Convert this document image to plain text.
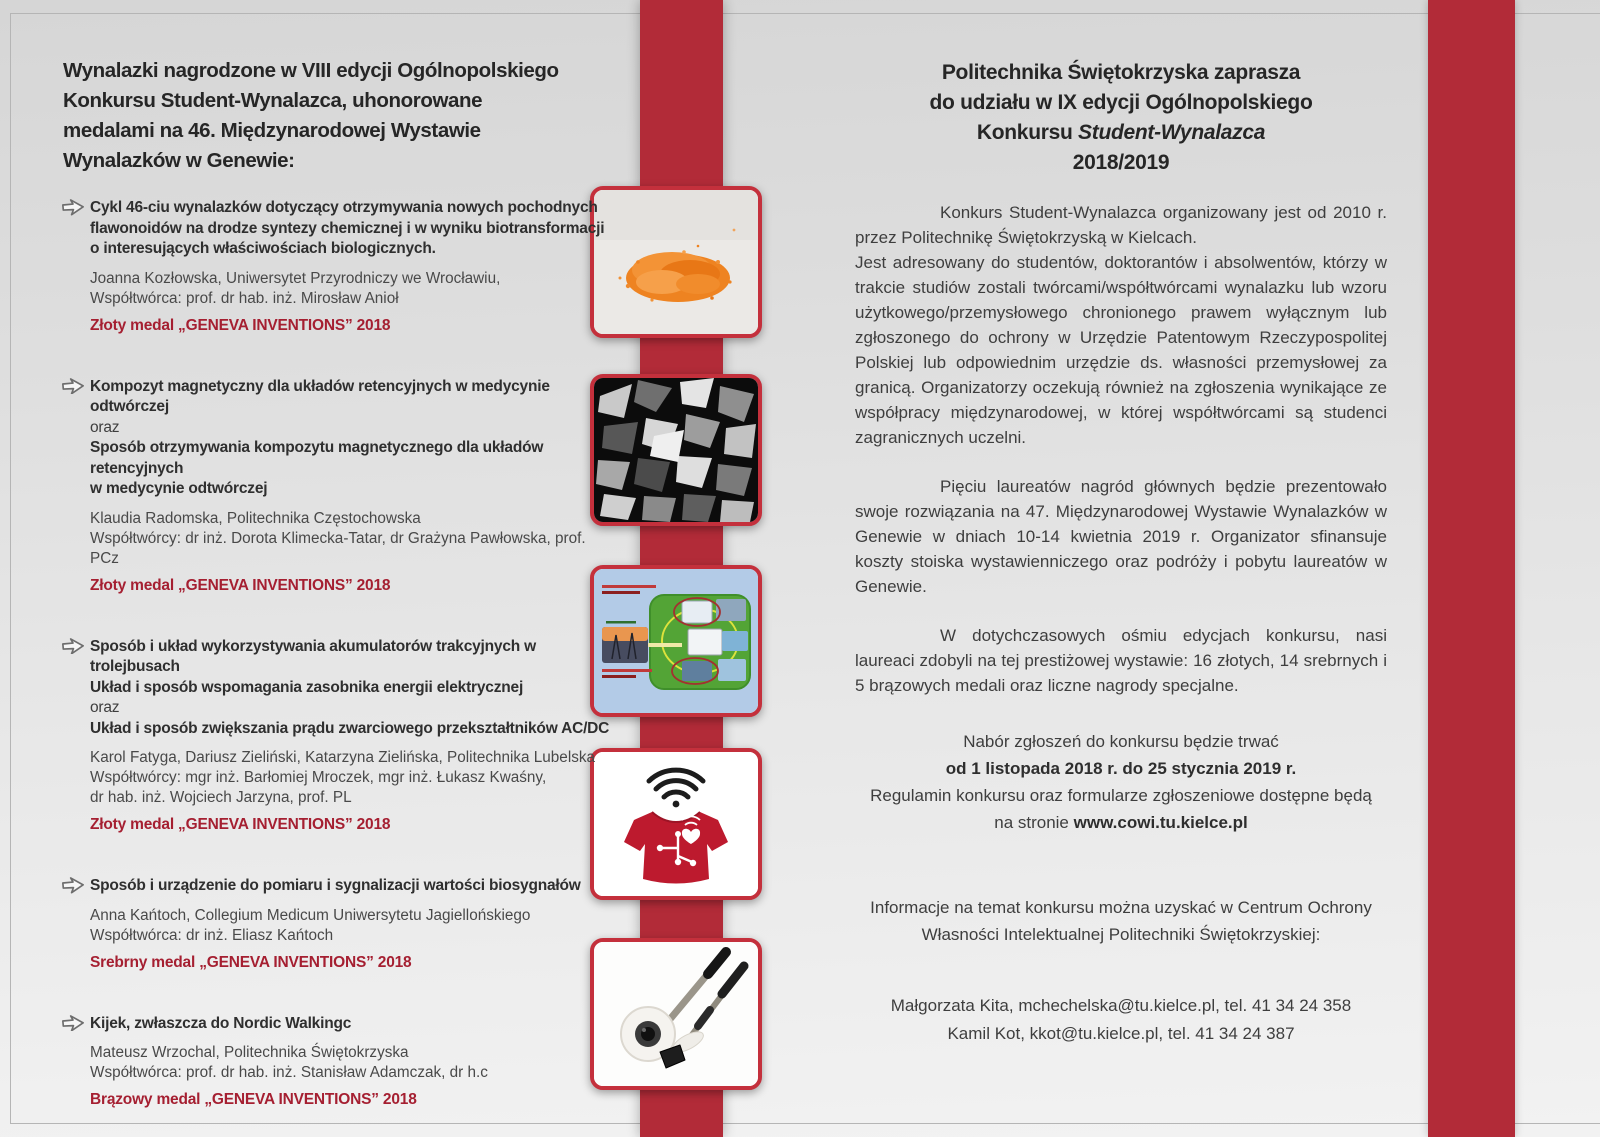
Wynalazki nagrodzone w VIII edycji Ogólnopolskiego
Konkursu Student-Wynalazca, uhonorowane
medalami na 46. Międzynarodowej Wystawie
Wynalazków w Genewie:
Cykl 46-ciu wynalazków dotyczący otrzymywania nowych pochodnych
flawonoidów na drodze syntezy chemicznej i w wyniku biotransformacji
o interesujących właściwościach biologicznych.
Joanna Kozłowska, Uniwersytet Przyrodniczy we Wrocławiu,
Współtwórca: prof. dr hab. inż. Mirosław Anioł
Złoty medal „GENEVA INVENTIONS” 2018
Kompozyt magnetyczny dla układów retencyjnych w medycynie odtwórczej
oraz
Sposób otrzymywania kompozytu magnetycznego dla układów retencyjnych
w medycynie odtwórczej
Klaudia Radomska, Politechnika Częstochowska
Współtwórcy: dr inż. Dorota Klimecka-Tatar, dr Grażyna Pawłowska, prof. PCz
Złoty medal „GENEVA INVENTIONS” 2018
Sposób i układ wykorzystywania akumulatorów trakcyjnych w trolejbusach
Układ i sposób wspomagania zasobnika energii elektrycznej
oraz
Układ i sposób zwiększania prądu zwarciowego przekształtników AC/DC
Karol Fatyga, Dariusz Zieliński, Katarzyna Zielińska, Politechnika Lubelska
Współtwórcy: mgr inż. Barłomiej Mroczek, mgr inż. Łukasz Kwaśny,
dr hab. inż. Wojciech Jarzyna, prof. PL
Złoty medal „GENEVA INVENTIONS” 2018
Sposób i urządzenie do pomiaru i sygnalizacji wartości biosygnałów
Anna Kańtoch, Collegium Medicum Uniwersytetu Jagiellońskiego
Współtwórca: dr inż. Eliasz Kańtoch
Srebrny medal „GENEVA INVENTIONS” 2018
Kijek, zwłaszcza do Nordic Walkingc
Mateusz Wrzochal, Politechnika Świętokrzyska
Współtwórca: prof. dr hab. inż. Stanisław Adamczak, dr h.c
Brązowy medal „GENEVA INVENTIONS” 2018
Politechnika Świętokrzyska zaprasza
do udziału w IX edycji Ogólnopolskiego
Konkursu Student-Wynalazca
2018/2019
Konkurs Student-Wynalazca organizowany jest od 2010 r. przez Politechnikę Świętokrzyską w Kielcach.
Jest adresowany do studentów, doktorantów i absolwentów, którzy w trakcie studiów zostali twórcami/współtwórcami wynalazku lub wzoru użytkowego/przemysłowego chronionego prawem wyłącznym lub zgłoszonego do ochrony w Urzędzie Patentowym Rzeczypospolitej Polskiej lub odpowiednim urzędzie ds. własności przemysłowej za granicą. Organizatorzy oczekują również na zgłoszenia wynikające ze współpracy międzynarodowej, w której współtwórcami są studenci zagranicznych uczelni.
Pięciu laureatów nagród głównych będzie prezentowało swoje rozwiązania na 47. Międzynarodowej Wystawie Wynalazków w Genewie w dniach 10-14 kwietnia 2019 r. Organizator sfinansuje koszty stoiska wystawienniczego oraz podróży i pobytu laureatów w Genewie.
W dotychczasowych ośmiu edycjach konkursu, nasi laureaci zdobyli na tej prestiżowej wystawie: 16 złotych, 14 srebrnych i 5 brązowych medali oraz liczne nagrody specjalne.
Nabór zgłoszeń do konkursu będzie trwać
od 1 listopada 2018 r. do 25 stycznia 2019 r.
Regulamin konkursu oraz formularze zgłoszeniowe dostępne będą
na stronie www.cowi.tu.kielce.pl
Informacje na temat konkursu można uzyskać w Centrum Ochrony Własności Intelektualnej Politechniki Świętokrzyskiej:
Małgorzata Kita, mchechelska@tu.kielce.pl, tel. 41 34 24 358
Kamil Kot, kkot@tu.kielce.pl, tel. 41 34 24 387
